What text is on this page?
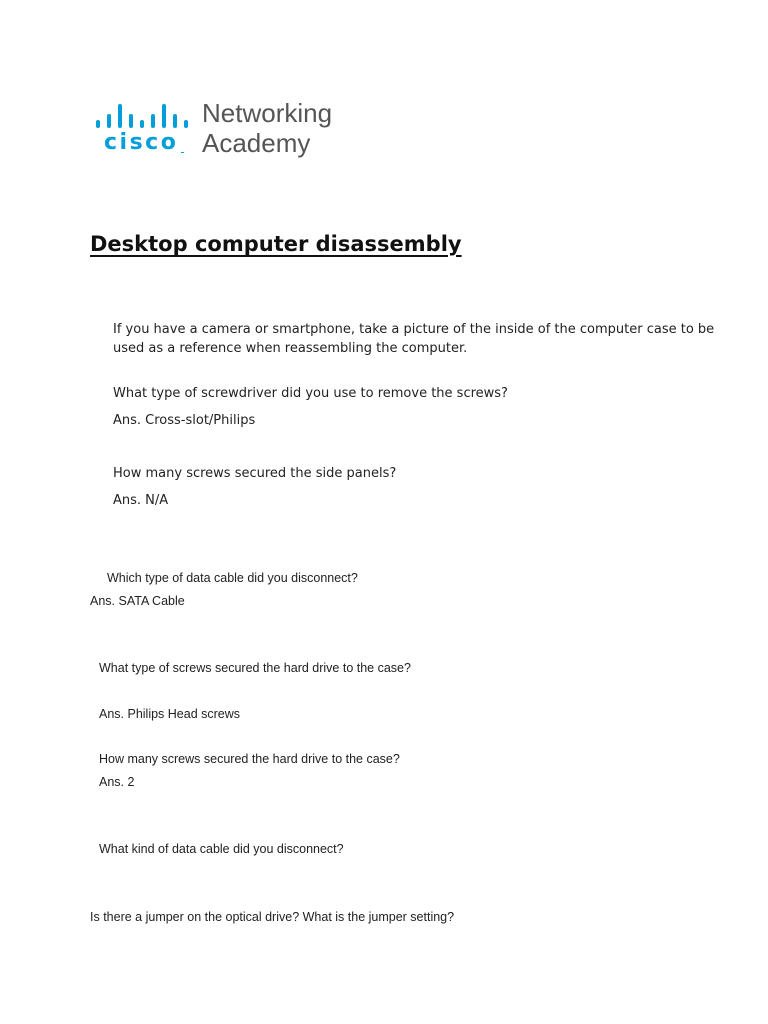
cisco
Networking
Academy
Desktop computer disassembly

If you have a camera or smartphone, take a picture of the inside of the computer case to be

used as a reference when reassembling the computer.

What type of screwdriver did you use to remove the screws?

Ans. Cross-slot/Philips

How many screws secured the side panels?

Ans. N/A

Which type of data cable did you disconnect?

Ans. SATA Cable

What type of screws secured the hard drive to the case?

Ans. Philips Head screws

How many screws secured the hard drive to the case?

Ans. 2

What kind of data cable did you disconnect?

Is there a jumper on the optical drive? What is the jumper setting?
